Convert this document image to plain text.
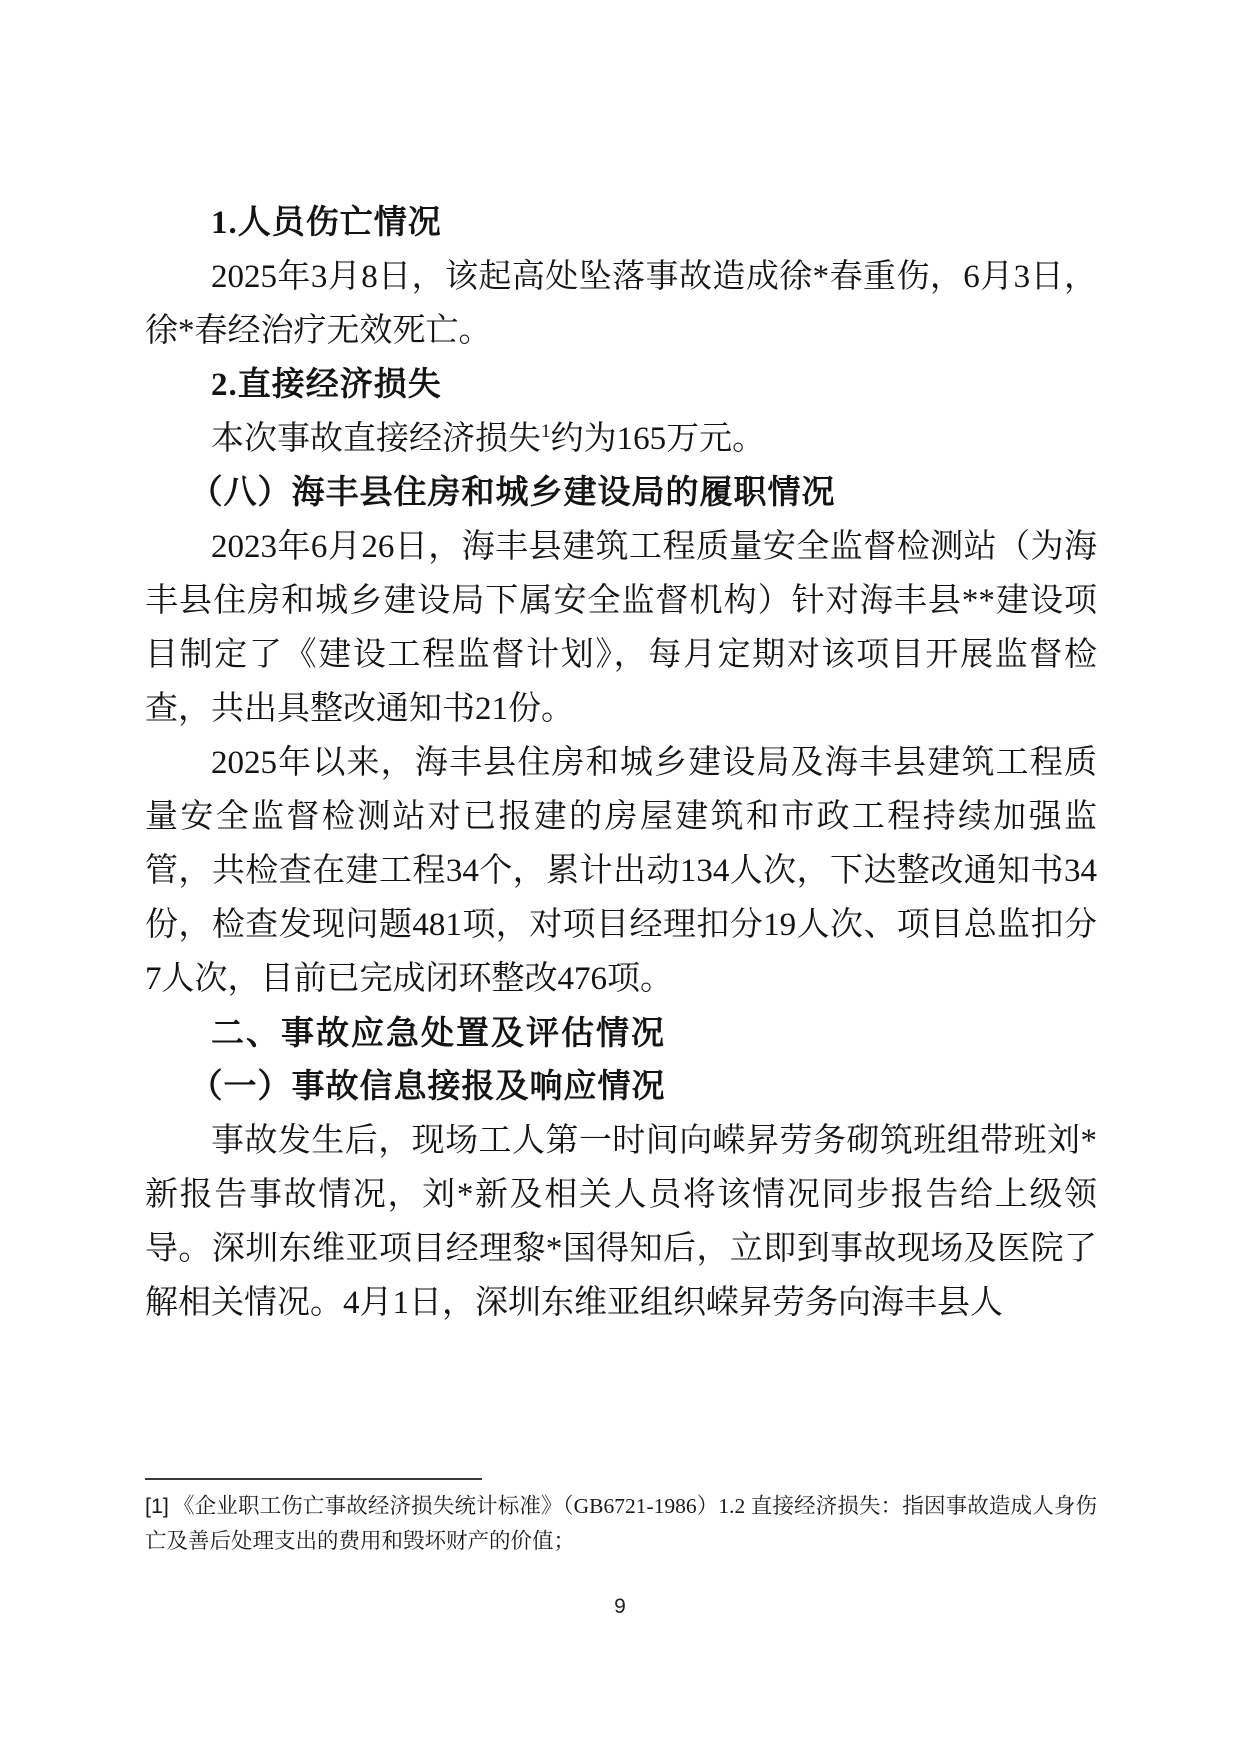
1.人员伤亡情况

2025年3月8日，该起高处坠落事故造成徐*春重伤，6月3日，徐*春经治疗无效死亡。

2.直接经济损失

本次事故直接经济损失$^1$约为165万元。

（八）海丰县住房和城乡建设局的履职情况

2023年6月26日，海丰县建筑工程质量安全监督检测站（为海丰县住房和城乡建设局下属安全监督机构）针对海丰县**建设项目制定了《建设工程监督计划》，每月定期对该项目开展监督检查，共出具整改通知书21份。

2025年以来，海丰县住房和城乡建设局及海丰县建筑工程质量安全监督检测站对已报建的房屋建筑和市政工程持续加强监管，共检查在建工程34个，累计出动134人次，下达整改通知书34份，检查发现问题481项，对项目经理扣分19人次、项目总监扣分7人次，目前已完成闭环整改476项。

二、事故应急处置及评估情况
（一）事故信息接报及响应情况

事故发生后，现场工人第一时间向嵘昇劳务砌筑班组带班刘*新报告事故情况，刘*新及相关人员将该情况同步报告给上级领导。深圳东维亚项目经理黎*国得知后，立即到事故现场及医院了解相关情况。4月1日，深圳东维亚组织嵘昇劳务向海丰县人

[1] 《企业职工伤亡事故经济损失统计标准》（GB6721-1986）1.2 直接经济损失：指因事故造成人身伤亡及善后处理支出的费用和毁坏财产的价值；

9
